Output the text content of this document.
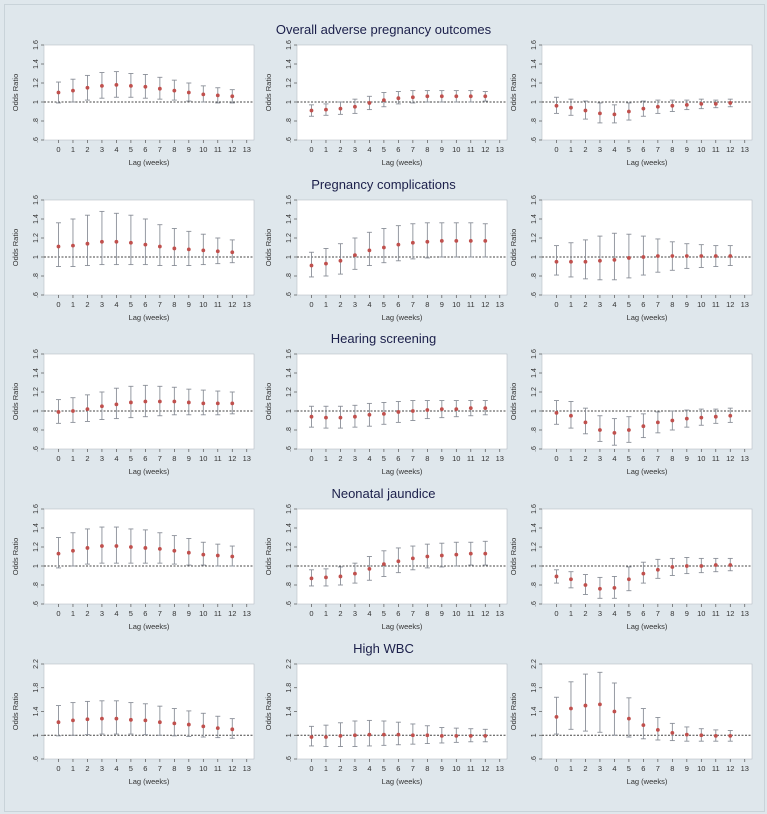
Overall adverse pregnancy outcomes
Pregnancy complications
Hearing screening
Neonatal jaundice
High WBC
.6
.8
1
1.2
1.4
1.6
0 1 2 3 4 5 6 7 8 9 10 11 12 13
Lag (weeks)
Odds Ratio
.6
.8
1
1.2
1.4
1.6
0 1 2 3 4 5 6 7 8 9 10 11 12 13
Lag (weeks)
Odds Ratio
.6
.8
1
1.2
1.4
1.6
0 1 2 3 4 5 6 7 8 9 10 11 12 13
Lag (weeks)
Odds Ratio
.6
.8
1
1.2
1.4
1.6
0 1 2 3 4 5 6 7 8 9 10 11 12 13
Lag (weeks)
Odds Ratio
.6
.8
1
1.2
1.4
1.6
0 1 2 3 4 5 6 7 8 9 10 11 12 13
Lag (weeks)
Odds Ratio
.6
.8
1
1.2
1.4
1.6
0 1 2 3 4 5 6 7 8 9 10 11 12 13
Lag (weeks)
Odds Ratio
.6
.8
1
1.2
1.4
1.6
0 1 2 3 4 5 6 7 8 9 10 11 12 13
Lag (weeks)
Odds Ratio
.6
.8
1
1.2
1.4
1.6
0 1 2 3 4 5 6 7 8 9 10 11 12 13
Lag (weeks)
Odds Ratio
.6
.8
1
1.2
1.4
1.6
0 1 2 3 4 5 6 7 8 9 10 11 12 13
Lag (weeks)
Odds Ratio
.6
.8
1
1.2
1.4
1.6
0 1 2 3 4 5 6 7 8 9 10 11 12 13
Lag (weeks)
Odds Ratio
.6
.8
1
1.2
1.4
1.6
0 1 2 3 4 5 6 7 8 9 10 11 12 13
Lag (weeks)
Odds Ratio
.6
.8
1
1.2
1.4
1.6
0 1 2 3 4 5 6 7 8 9 10 11 12 13
Lag (weeks)
Odds Ratio
.6
1
1.4
1.8
2.2
0 1 2 3 4 5 6 7 8 9 10 11 12 13
Lag (weeks)
Odds Ratio
.6
1
1.4
1.8
2.2
0 1 2 3 4 5 6 7 8 9 10 11 12 13
Lag (weeks)
Odds Ratio
.6
1
1.4
1.8
2.2
0 1 2 3 4 5 6 7 8 9 10 11 12 13
Lag (weeks)
Odds Ratio
